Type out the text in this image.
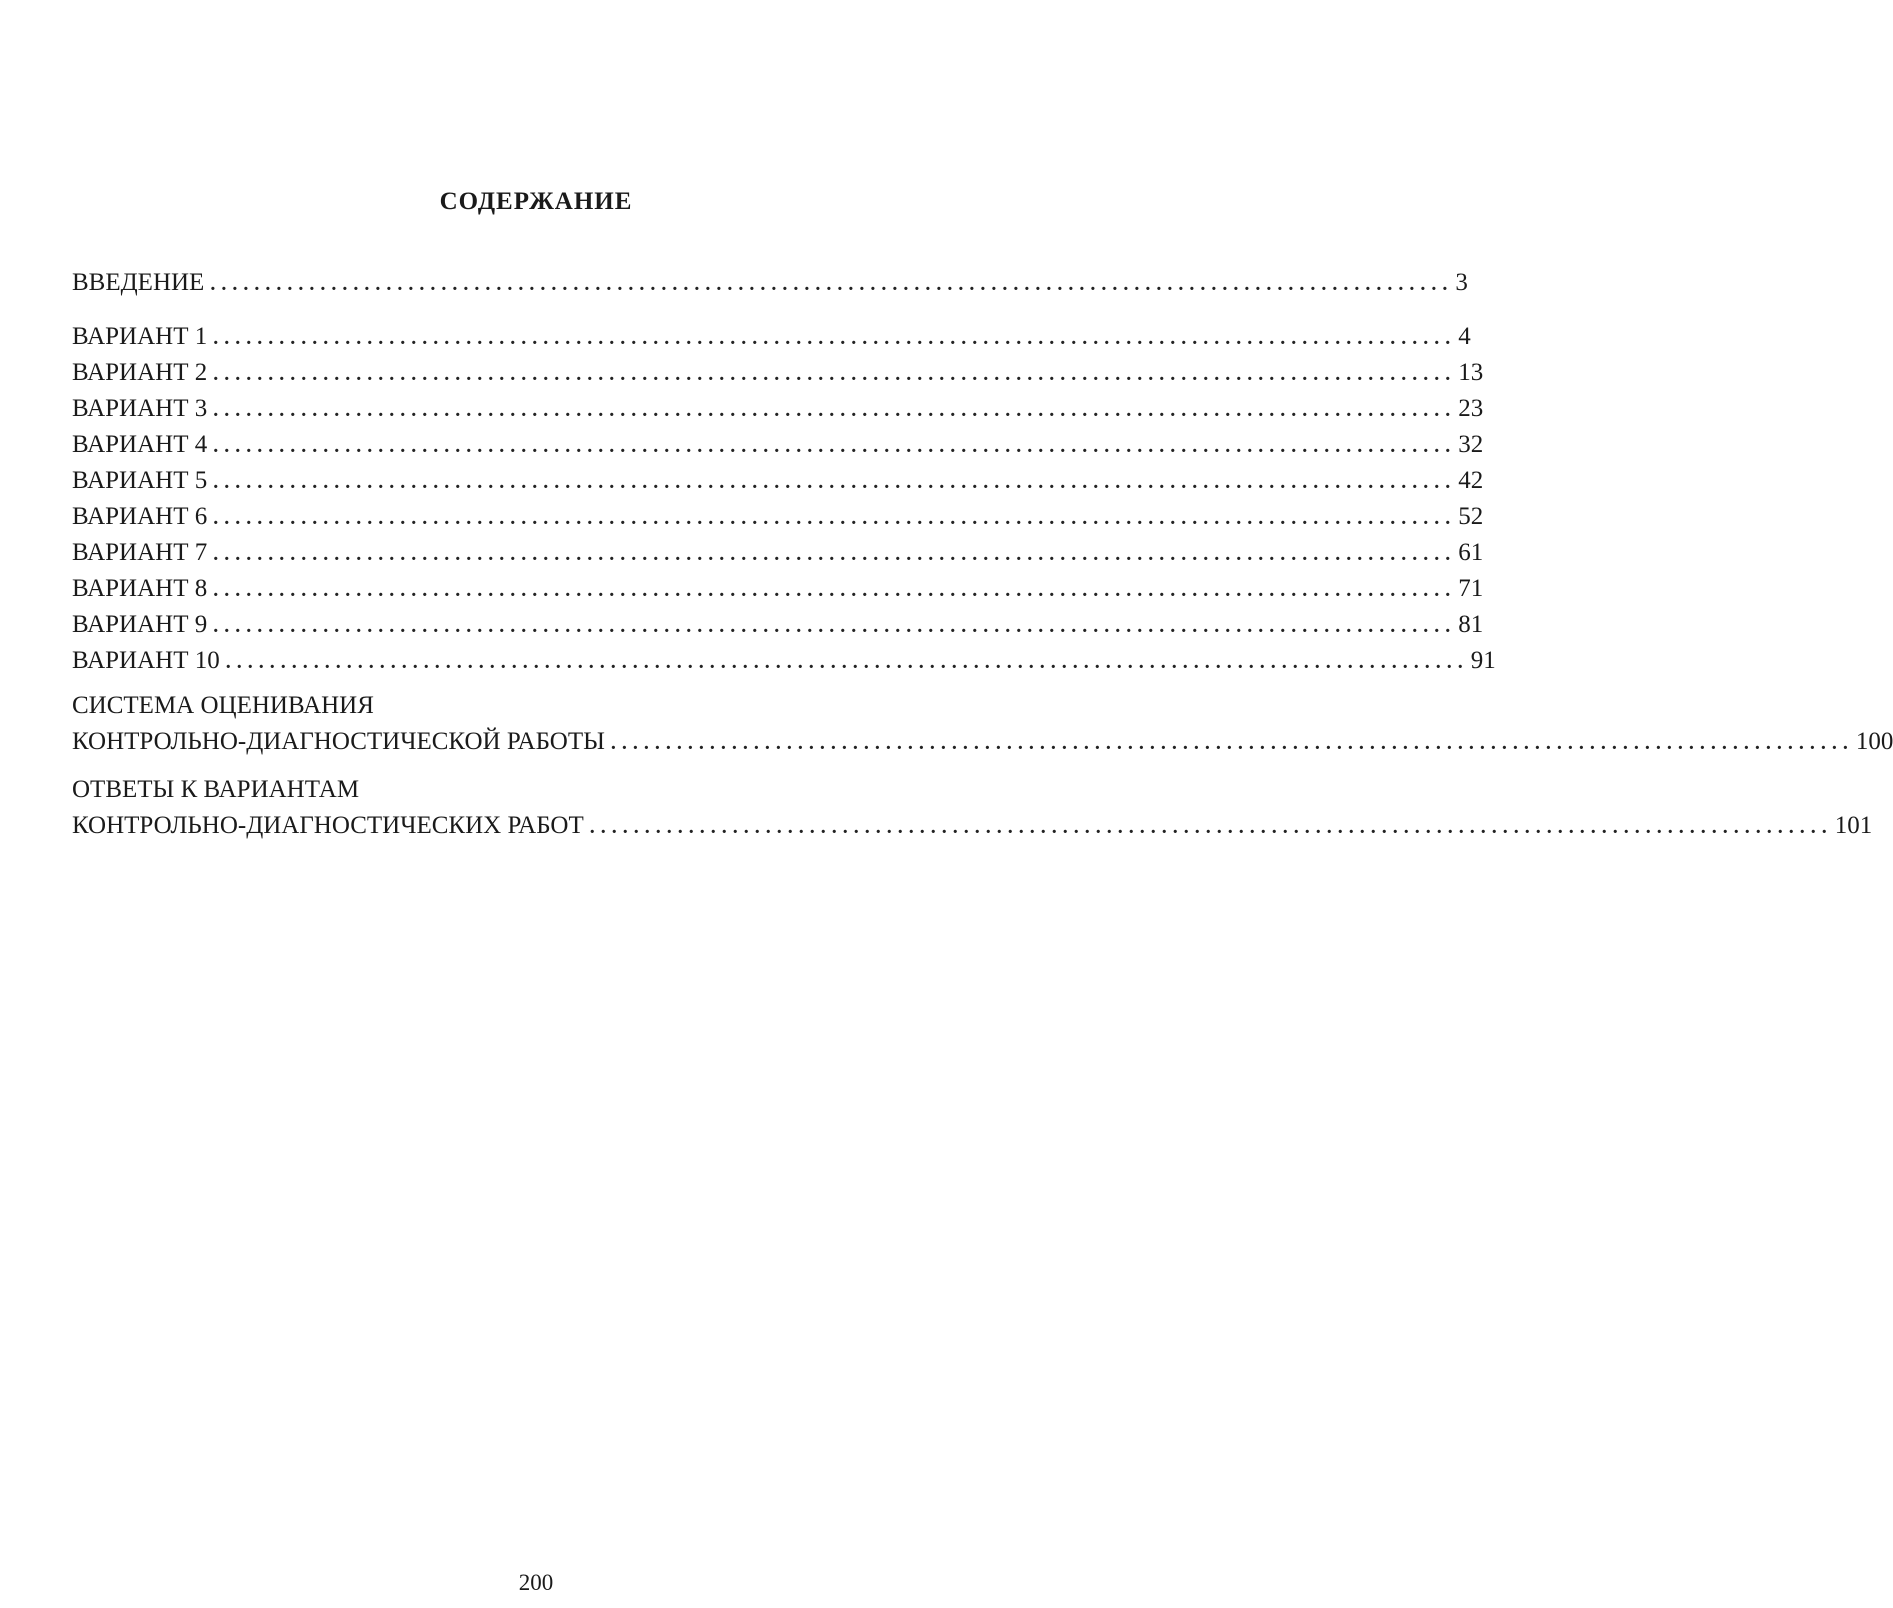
СОДЕРЖАНИЕ
ВВЕДЕНИЕ ................................................................................................................. 3
ВАРИАНТ 1 ................................................................................................................. 4
ВАРИАНТ 2 ................................................................................................................. 13
ВАРИАНТ 3 ................................................................................................................. 23
ВАРИАНТ 4 ................................................................................................................. 32
ВАРИАНТ 5 ................................................................................................................. 42
ВАРИАНТ 6 ................................................................................................................. 52
ВАРИАНТ 7 ................................................................................................................. 61
ВАРИАНТ 8 ................................................................................................................. 71
ВАРИАНТ 9 ................................................................................................................. 81
ВАРИАНТ 10 ................................................................................................................. 91
СИСТЕМА ОЦЕНИВАНИЯ
КОНТРОЛЬНО-ДИАГНОСТИЧЕСКОЙ РАБОТЫ ................................................................................................................. 100
ОТВЕТЫ К ВАРИАНТАМ
КОНТРОЛЬНО-ДИАГНОСТИЧЕСКИХ РАБОТ ................................................................................................................. 101
200
